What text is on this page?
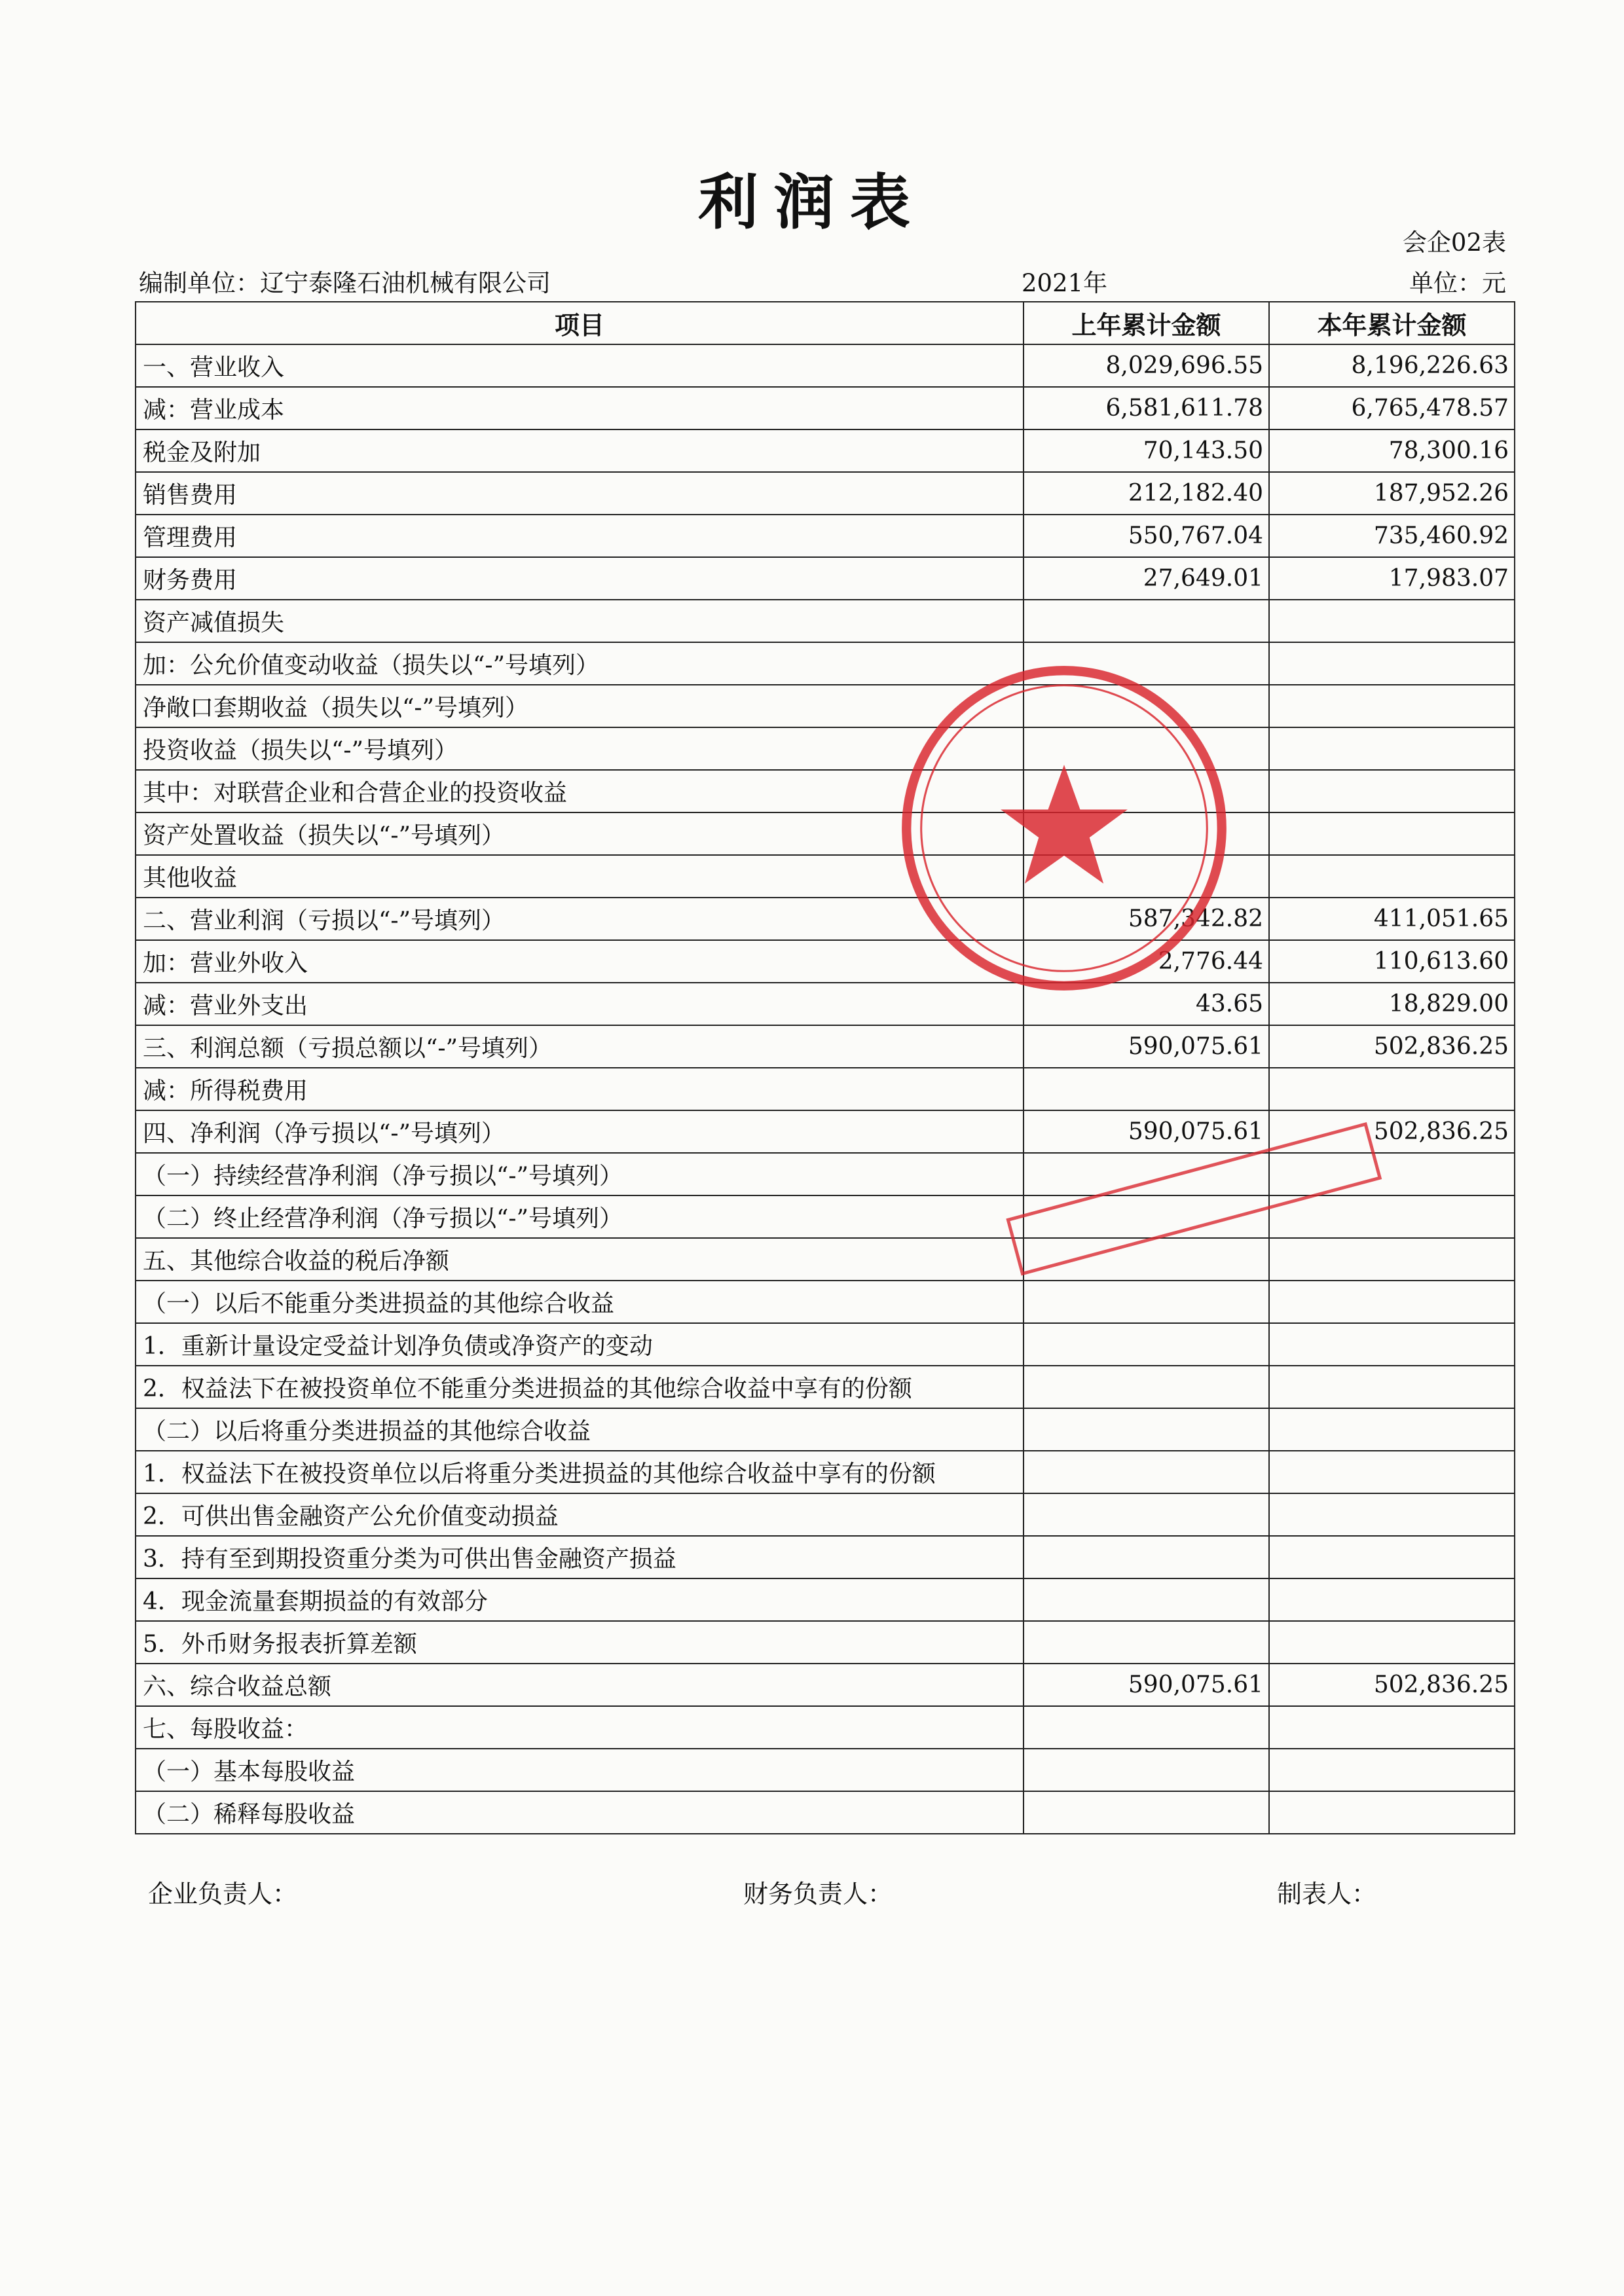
利润表
会企02表
编制单位：辽宁泰隆石油机械有限公司	2021年	单位：元
项目	上年累计金额	本年累计金额
一、营业收入	8,029,696.55	8,196,226.63
减：营业成本	6,581,611.78	6,765,478.57
税金及附加	70,143.50	78,300.16
销售费用	212,182.40	187,952.26
管理费用	550,767.04	735,460.92
财务费用	27,649.01	17,983.07
资产减值损失		
加：公允价值变动收益（损失以“-”号填列）		
净敞口套期收益（损失以“-”号填列）		
投资收益（损失以“-”号填列）		
其中：对联营企业和合营企业的投资收益		
资产处置收益（损失以“-”号填列）		
其他收益		
二、营业利润（亏损以“-”号填列）	587,342.82	411,051.65
加：营业外收入	2,776.44	110,613.60
减：营业外支出	43.65	18,829.00
三、利润总额（亏损总额以“-”号填列）	590,075.61	502,836.25
减：所得税费用		
四、净利润（净亏损以“-”号填列）	590,075.61	502,836.25
（一）持续经营净利润（净亏损以“-”号填列）		
（二）终止经营净利润（净亏损以“-”号填列）		
五、其他综合收益的税后净额		
（一）以后不能重分类进损益的其他综合收益		
1．重新计量设定受益计划净负债或净资产的变动		
2．权益法下在被投资单位不能重分类进损益的其他综合收益中享有的份额		
（二）以后将重分类进损益的其他综合收益		
1．权益法下在被投资单位以后将重分类进损益的其他综合收益中享有的份额		
2．可供出售金融资产公允价值变动损益		
3．持有至到期投资重分类为可供出售金融资产损益		
4．现金流量套期损益的有效部分		
5．外币财务报表折算差额		
六、综合收益总额	590,075.61	502,836.25
七、每股收益：		
（一）基本每股收益		
（二）稀释每股收益		
企业负责人：	财务负责人：	制表人：
